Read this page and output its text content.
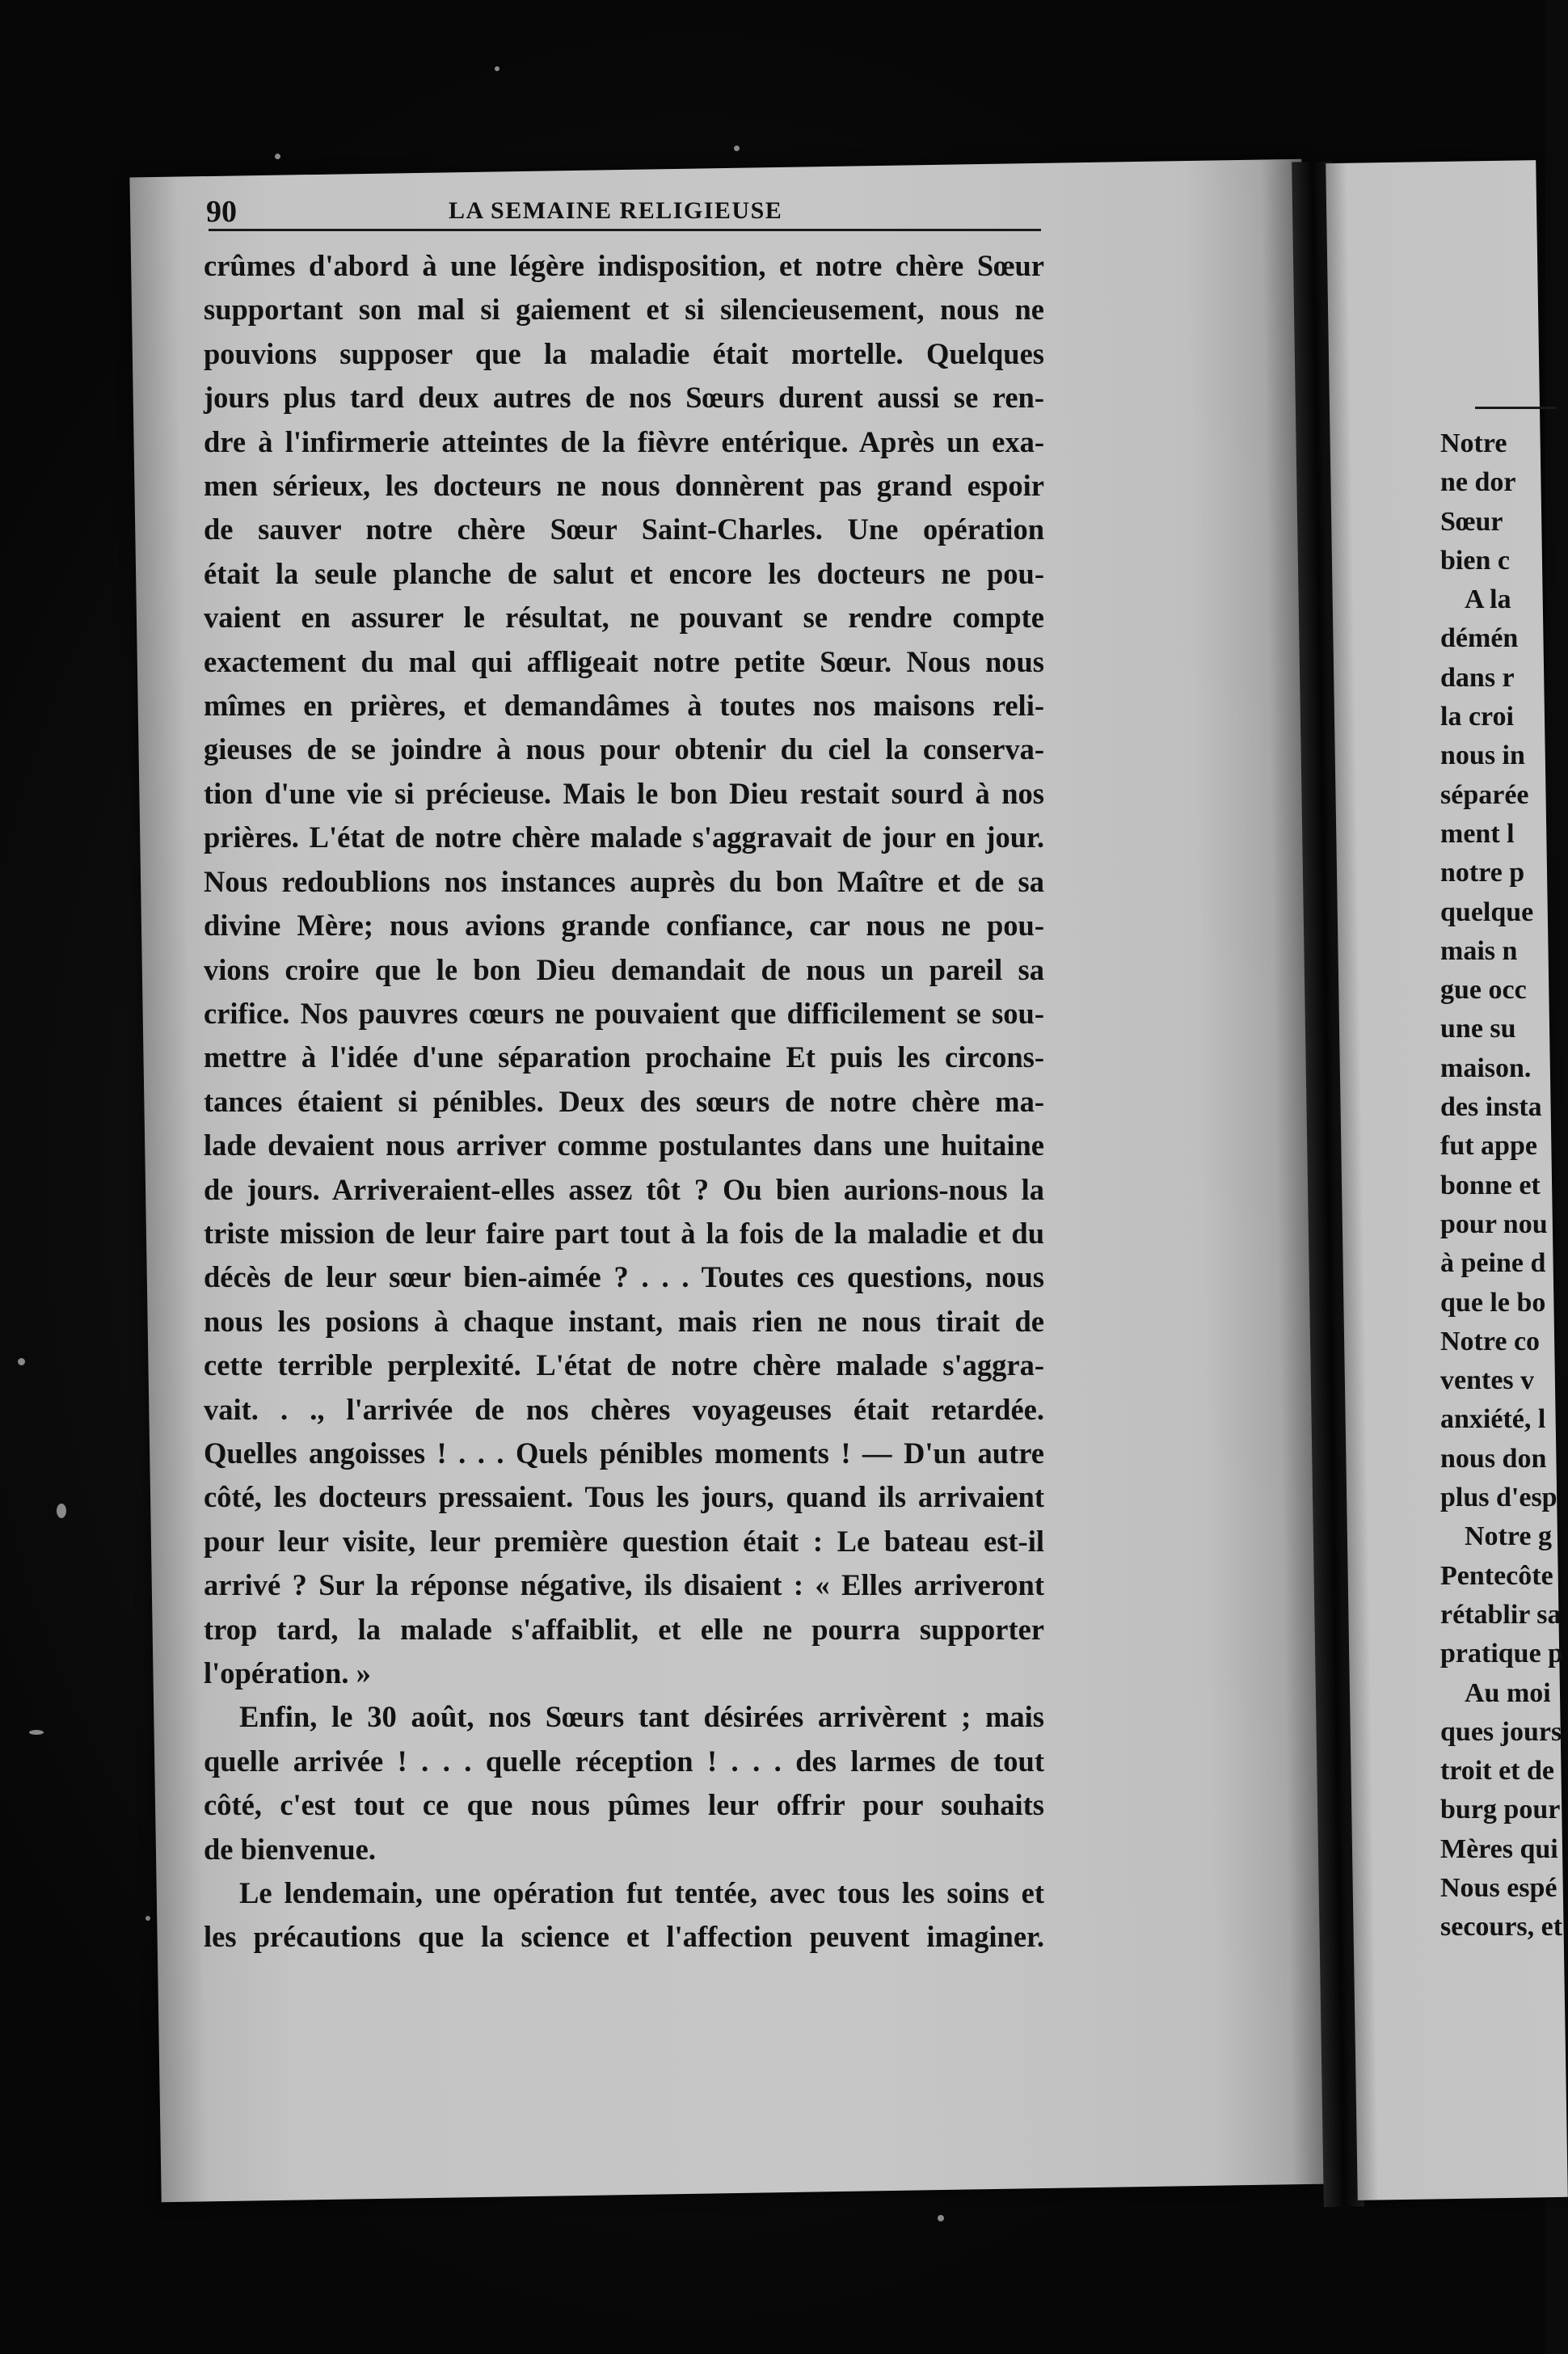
90	LA SEMAINE RELIGIEUSE
crûmes d'abord à une légère indisposition, et notre chère Sœur
supportant son mal si gaiement et si silencieusement, nous ne
pouvions supposer que la maladie était mortelle. Quelques
jours plus tard deux autres de nos Sœurs durent aussi se ren-
dre à l'infirmerie atteintes de la fièvre entérique. Après un exa-
men sérieux, les docteurs ne nous donnèrent pas grand espoir
de sauver notre chère Sœur Saint-Charles. Une opération
était la seule planche de salut et encore les docteurs ne pou-
vaient en assurer le résultat, ne pouvant se rendre compte
exactement du mal qui affligeait notre petite Sœur. Nous nous
mîmes en prières, et demandâmes à toutes nos maisons reli-
gieuses de se joindre à nous pour obtenir du ciel la conserva-
tion d'une vie si précieuse. Mais le bon Dieu restait sourd à nos
prières. L'état de notre chère malade s'aggravait de jour en jour.
Nous redoublions nos instances auprès du bon Maître et de sa
divine Mère; nous avions grande confiance, car nous ne pou-
vions croire que le bon Dieu demandait de nous un pareil sa
crifice. Nos pauvres cœurs ne pouvaient que difficilement se sou-
mettre à l'idée d'une séparation prochaine Et puis les circons-
tances étaient si pénibles. Deux des sœurs de notre chère ma-
lade devaient nous arriver comme postulantes dans une huitaine
de jours. Arriveraient-elles assez tôt ? Ou bien aurions-nous la
triste mission de leur faire part tout à la fois de la maladie et du
décès de leur sœur bien-aimée ? . . . Toutes ces questions, nous
nous les posions à chaque instant, mais rien ne nous tirait de
cette terrible perplexité. L'état de notre chère malade s'aggra-
vait. . ., l'arrivée de nos chères voyageuses était retardée.
Quelles angoisses ! . . . Quels pénibles moments ! — D'un autre
côté, les docteurs pressaient. Tous les jours, quand ils arrivaient
pour leur visite, leur première question était : Le bateau est-il
arrivé ? Sur la réponse négative, ils disaient : « Elles arriveront
trop tard, la malade s'affaiblit, et elle ne pourra supporter
l'opération. »
Enfin, le 30 août, nos Sœurs tant désirées arrivèrent ; mais
quelle arrivée ! . . . quelle réception ! . . . des larmes de tout
côté, c'est tout ce que nous pûmes leur offrir pour souhaits
de bienvenue.
Le lendemain, une opération fut tentée, avec tous les soins et
les précautions que la science et l'affection peuvent imaginer.
Notre
ne dor
Sœur
bien c
A la
démén
dans r
la croi
nous in
séparée
ment l
notre p
quelque
mais n
gue occ
une su
maison.
des insta
fut appe
bonne et
pour nou
à peine d
que le bo
Notre co
ventes v
anxiété, l
nous don
plus d'esp
Notre g
Pentecôte
rétablir sa
pratique p
Au moi
ques jours
troit et de
burg pour
Mères qui
Nous espé
secours, et
